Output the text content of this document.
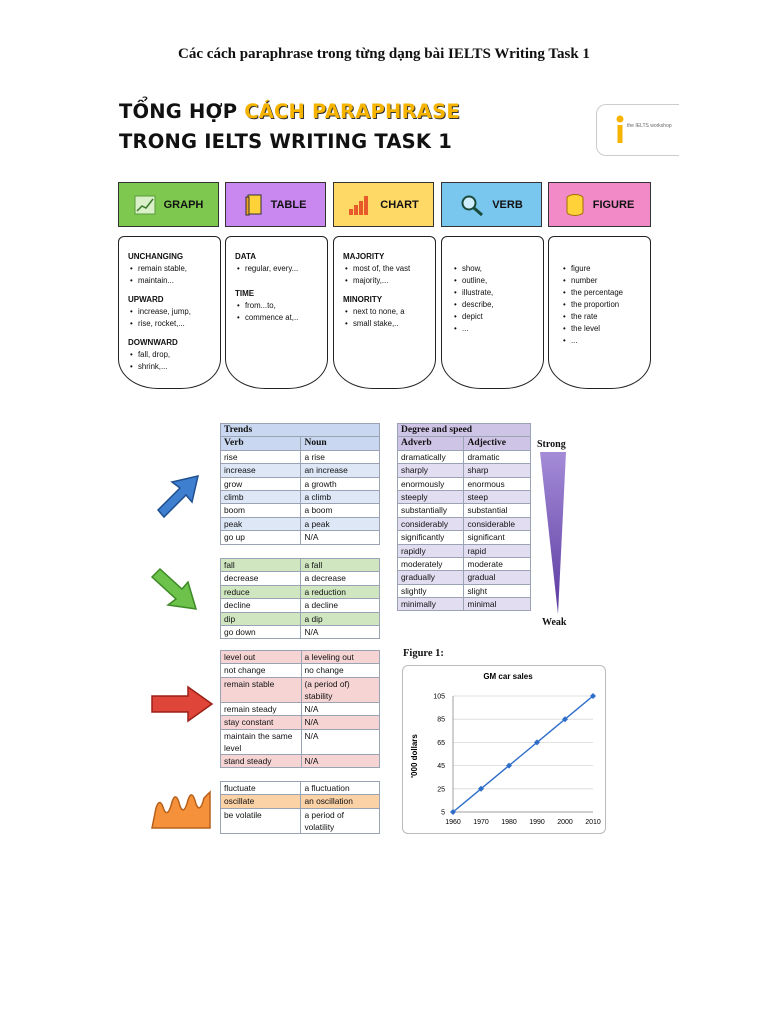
Các cách paraphrase trong từng dạng bài IELTS Writing Task 1
TỔNG HỢP CÁCH PARAPHRASE
TRONG IELTS WRITING TASK 1
the IELTS workshop
GRAPH	TABLE	CHART	VERB	FIGURE
UNCHANGING
• remain stable,
• maintain...
UPWARD
• increase, jump,
• rise, rocket,...
DOWNWARD
• fall, drop,
• shrink,...
DATA
• regular, every...
TIME
• from...to,
• commence at,..
MAJORITY
• most of, the vast
• majority,...
MINORITY
• next to none, a
• small stake,..
• show,
• outline,
• illustrate,
• describe,
• depict
• ...
• figure
• number
• the percentage
• the proportion
• the rate
• the level
• ...
Trends	
Verb	Noun
rise	a rise
increase	an increase
grow	a growth
climb	a climb
boom	a boom
peak	a peak
go up	N/A
fall	a fall
decrease	a decrease
reduce	a reduction
decline	a decline
dip	a dip
go down	N/A
level out	a leveling out
not change	no change
remain stable	(a period of) stability
remain steady	N/A
stay constant	N/A
maintain the same level	N/A
stand steady	N/A
fluctuate	a fluctuation
oscillate	an oscillation
be volatile	a period of volatility
Degree and speed	
Adverb	Adjective
dramatically	dramatic
sharply	sharp
enormously	enormous
steeply	steep
substantially	substantial
considerably	considerable
significantly	significant
rapidly	rapid
moderately	moderate
gradually	gradual
slightly	slight
minimally	minimal
Strong
Weak
Figure 1:
GM car sales
'000 dollars
5
25
45
65
85
105
1960 1970 1980 1990 2000 2010
